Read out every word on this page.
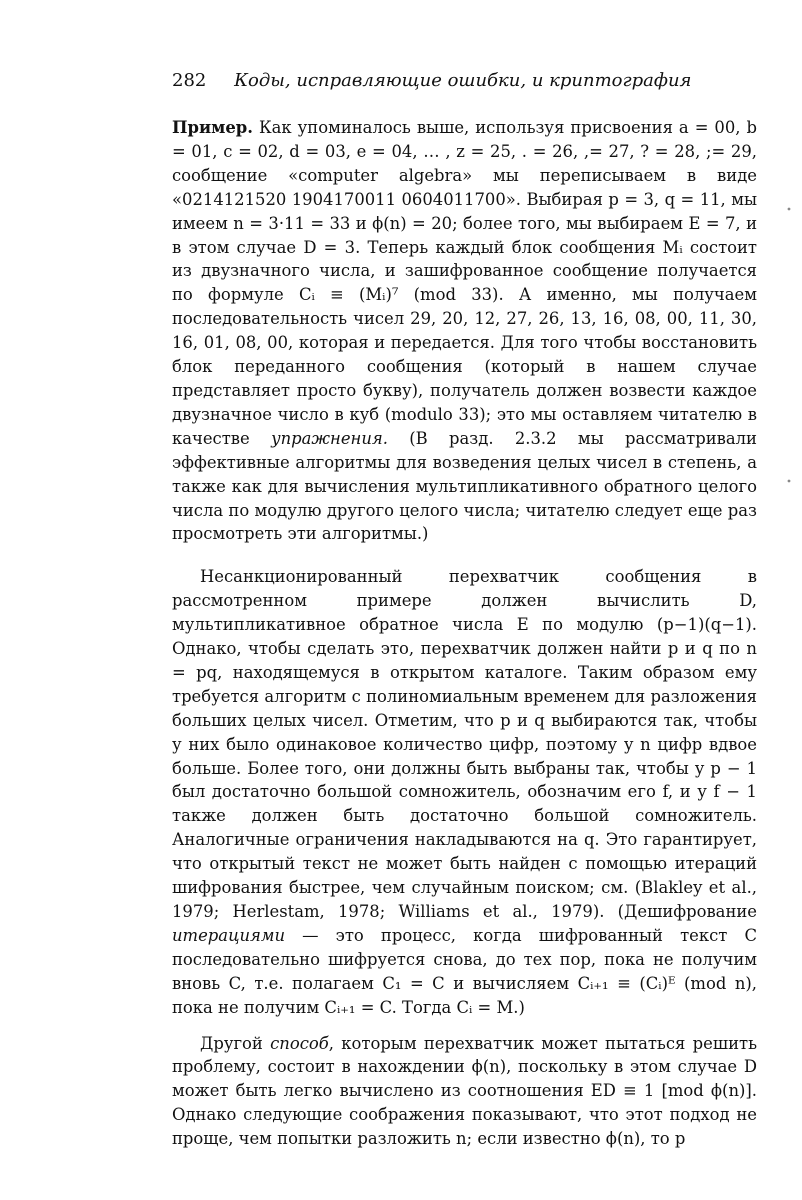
282 Коды, исправляющие ошибки, и криптография

Пример. Как упоминалось выше, используя присвоения a = 00, b = 01, c = 02, d = 03, e = 04, … , z = 25, . = 26, ,= 27, ? = 28, ;= 29, сообщение «computer algebra» мы переписываем в виде «0214121520 1904170011 0604011700». Выбирая p = 3, q = 11, мы имеем n = 3·11 = 33 и ϕ(n) = 20; более того, мы выбираем E = 7, и в этом случае D = 3. Теперь каждый блок сообщения Mᵢ состоит из двузначного числа, и зашифрованное сообщение получается по формуле Cᵢ ≡ (Mᵢ)⁷ (mod 33). А именно, мы получаем последовательность чисел 29, 20, 12, 27, 26, 13, 16, 08, 00, 11, 30, 16, 01, 08, 00, которая и передается. Для того чтобы восстановить блок переданного сообщения (который в нашем случае представляет просто букву), получатель должен возвести каждое двузначное число в куб (modulo 33); это мы оставляем читателю в качестве упражнения. (В разд. 2.3.2 мы рассматривали эффективные алгоритмы для возведения целых чисел в степень, а также как для вычисления мультипликативного обратного целого числа по модулю другого целого числа; читателю следует еще раз просмотреть эти алгоритмы.)

Несанкционированный перехватчик сообщения в рассмотренном примере должен вычислить D, мультипликативное обратное числа E по модулю (p−1)(q−1). Однако, чтобы сделать это, перехватчик должен найти p и q по n = pq, находящемуся в открытом каталоге. Таким образом ему требуется алгоритм с полиномиальным временем для разложения больших целых чисел. Отметим, что p и q выбираются так, чтобы у них было одинаковое количество цифр, поэтому у n цифр вдвое больше. Более того, они должны быть выбраны так, чтобы у p − 1 был достаточно большой сомножитель, обозначим его f, и у f − 1 также должен быть достаточно большой сомножитель. Аналогичные ограничения накладываются на q. Это гарантирует, что открытый текст не может быть найден с помощью итераций шифрования быстрее, чем случайным поиском; см. (Blakley et al., 1979; Herlestam, 1978; Williams et al., 1979). (Дешифрование итерациями — это процесс, когда шифрованный текст C последовательно шифруется снова, до тех пор, пока не получим вновь C, т.е. полагаем C₁ = C и вычисляем Cᵢ₊₁ ≡ (Cᵢ)ᴱ (mod n), пока не получим Cᵢ₊₁ = C. Тогда Cᵢ = M.)

Другой способ, которым перехватчик может пытаться решить проблему, состоит в нахождении ϕ(n), поскольку в этом случае D может быть легко вычислено из соотношения ED ≡ 1 [mod ϕ(n)]. Однако следующие соображения показывают, что этот подход не проще, чем попытки разложить n; если известно ϕ(n), то p
